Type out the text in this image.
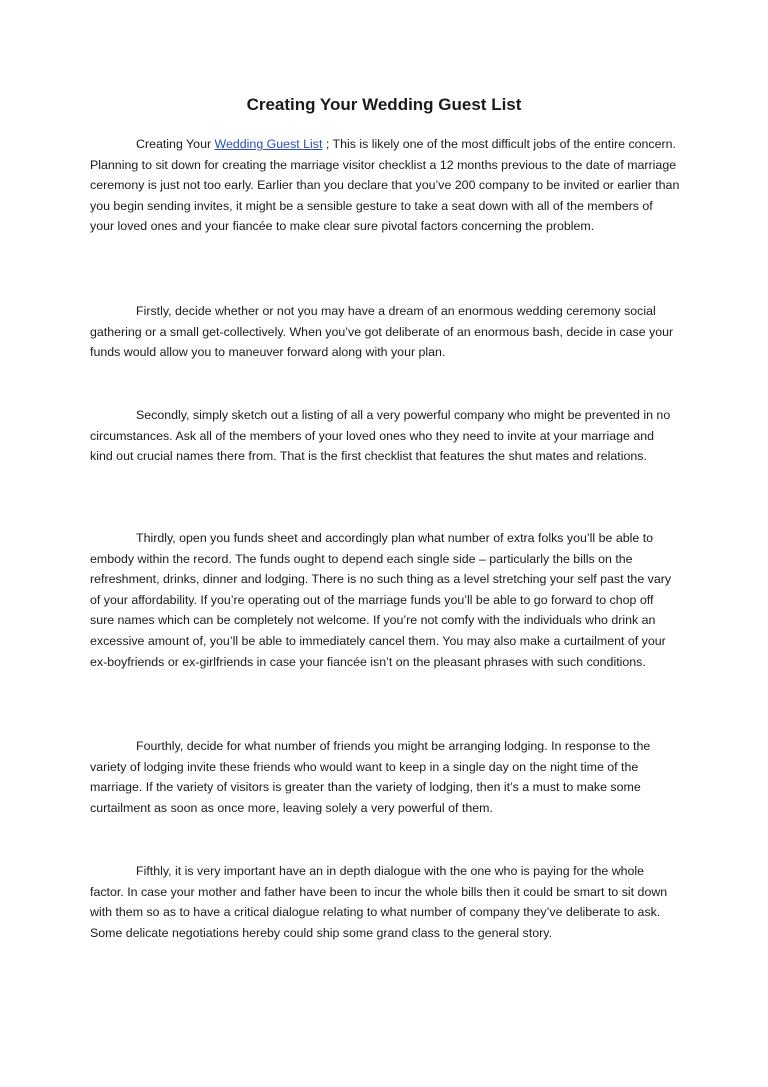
Creating Your Wedding Guest List

Creating Your Wedding Guest List ; This is likely one of the most difficult jobs of the entire concern. Planning to sit down for creating the marriage visitor checklist a 12 months previous to the date of marriage ceremony is just not too early. Earlier than you declare that you’ve 200 company to be invited or earlier than you begin sending invites, it might be a sensible gesture to take a seat down with all of the members of your loved ones and your fiancée to make clear sure pivotal factors concerning the problem.

Firstly, decide whether or not you may have a dream of an enormous wedding ceremony social gathering or a small get-collectively. When you’ve got deliberate of an enormous bash, decide in case your funds would allow you to maneuver forward along with your plan.

Secondly, simply sketch out a listing of all a very powerful company who might be prevented in no circumstances. Ask all of the members of your loved ones who they need to invite at your marriage and kind out crucial names there from. That is the first checklist that features the shut mates and relations.

Thirdly, open you funds sheet and accordingly plan what number of extra folks you’ll be able to embody within the record. The funds ought to depend each single side – particularly the bills on the refreshment, drinks, dinner and lodging. There is no such thing as a level stretching your self past the vary of your affordability. If you’re operating out of the marriage funds you’ll be able to go forward to chop off sure names which can be completely not welcome. If you’re not comfy with the individuals who drink an excessive amount of, you’ll be able to immediately cancel them. You may also make a curtailment of your ex-boyfriends or ex-girlfriends in case your fiancée isn’t on the pleasant phrases with such conditions.

Fourthly, decide for what number of friends you might be arranging lodging. In response to the variety of lodging invite these friends who would want to keep in a single day on the night time of the marriage. If the variety of visitors is greater than the variety of lodging, then it’s a must to make some curtailment as soon as once more, leaving solely a very powerful of them.

Fifthly, it is very important have an in depth dialogue with the one who is paying for the whole factor. In case your mother and father have been to incur the whole bills then it could be smart to sit down with them so as to have a critical dialogue relating to what number of company they’ve deliberate to ask. Some delicate negotiations hereby could ship some grand class to the general story.
